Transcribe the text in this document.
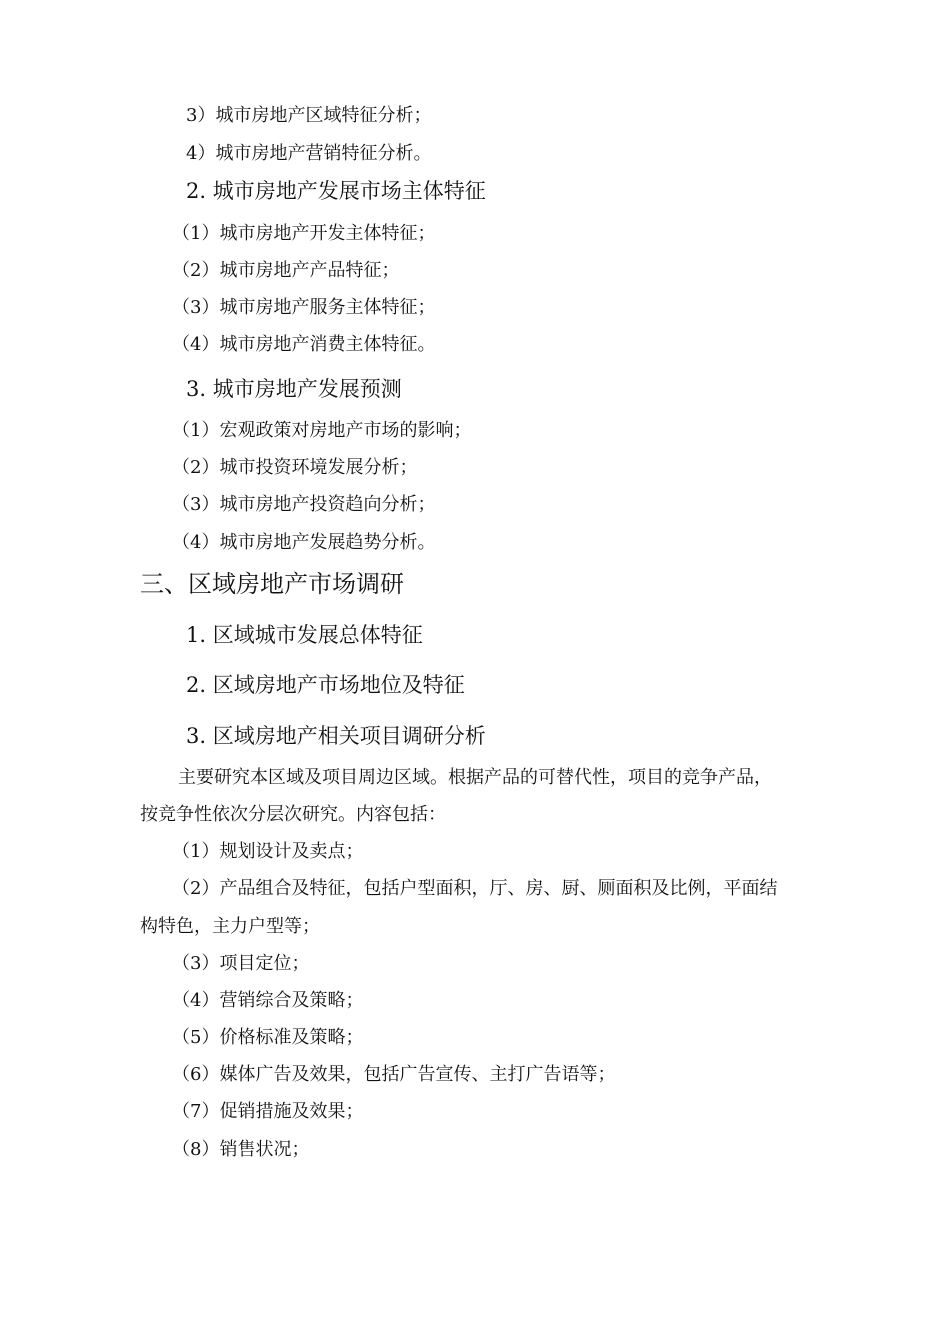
3）城市房地产区域特征分析；
4）城市房地产营销特征分析。
2. 城市房地产发展市场主体特征
（1）城市房地产开发主体特征；
（2）城市房地产产品特征；
（3）城市房地产服务主体特征；
（4）城市房地产消费主体特征。
3. 城市房地产发展预测
（1）宏观政策对房地产市场的影响；
（2）城市投资环境发展分析；
（3）城市房地产投资趋向分析；
（4）城市房地产发展趋势分析。
三、区域房地产市场调研
1. 区域城市发展总体特征
2. 区域房地产市场地位及特征
3. 区域房地产相关项目调研分析
主要研究本区域及项目周边区域。根据产品的可替代性，项目的竞争产品，
按竞争性依次分层次研究。内容包括：
（1）规划设计及卖点；
（2）产品组合及特征，包括户型面积，厅、房、厨、厕面积及比例，平面结
构特色，主力户型等；
（3）项目定位；
（4）营销综合及策略；
（5）价格标准及策略；
（6）媒体广告及效果，包括广告宣传、主打广告语等；
（7）促销措施及效果；
（8）销售状况；
